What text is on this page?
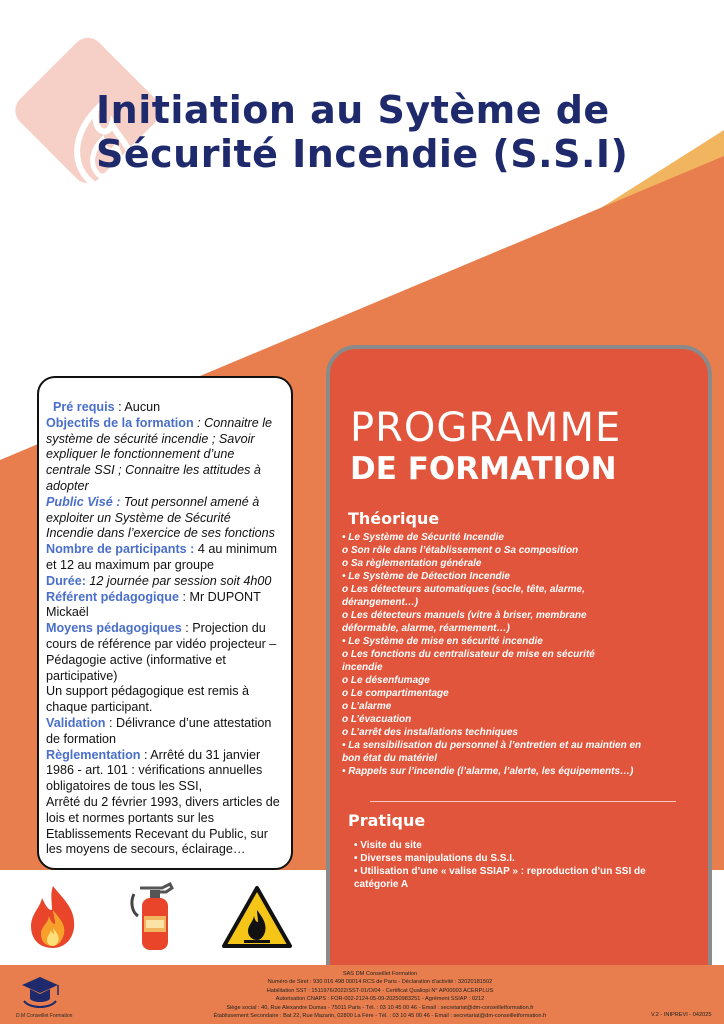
Initiation au Sytème de
Sécurité Incendie (S.S.I)

Pré requis : Aucun

Objectifs de la formation : Connaitre le système de sécurité incendie ; Savoir expliquer le fonctionnement d’une centrale SSI ; Connaitre les attitudes à adopter

Public Visé : Tout personnel amené à exploiter un Système de Sécurité Incendie dans l’exercice de ses fonctions

Nombre de participants : 4 au minimum et 12 au maximum par groupe

Durée: 12 journée par session soit 4h00

Référent pédagogique : Mr DUPONT Mickaël

Moyens pédagogiques : Projection du cours de référence par vidéo projecteur – Pédagogie active (informative et participative)

Un support pédagogique est remis à chaque participant.

Validation : Délivrance d’une attestation de formation

Règlementation : Arrêté du 31 janvier 1986 - art. 101 : vérifications annuelles obligatoires de tous les SSI,

Arrêté du 2 février 1993, divers articles de lois et normes portants sur les Etablissements Recevant du Public, sur les moyens de secours, éclairage…

PROGRAMME
DE FORMATION
Théorique
• Le Système de Sécurité Incendie
o Son rôle dans l’établissement o Sa composition
o Sa règlementation générale
• Le Système de Détection Incendie
o Les détecteurs automatiques (socle, tête, alarme,
dérangement…)
o Les détecteurs manuels (vitre à briser, membrane
déformable, alarme, réarmement…)
• Le Système de mise en sécurité incendie
o Les fonctions du centralisateur de mise en sécurité
incendie
o Le désenfumage
o Le compartimentage
o L’alarme
o L’évacuation
o L’arrêt des installations techniques
• La sensibilisation du personnel à l’entretien et au maintien en
bon état du matériel
• Rappels sur l’incendie (l’alarme, l’alerte, les équipements…)
Pratique
• Visite du site
• Diverses manipulations du S.S.I.
• Utilisation d’une « valise SSIAP » : reproduction d’un SSI de
catégorie A
D.M Conseillet Formation
SAS DM Conseillet Formation
Numéro de Siret : 930 016 498 00014 RCS de Paris - Déclaration d’activité : 32020181502
Habilitation SST : 1511976/2022/SST-01/O/04 - Certificat Qualiopi N° AP00003 ACERPLUS
Autorisation CNAPS : FOR-002-2124-05-09-20250983251 - Agrément SSIAP : 0212
Siège social : 40, Rue Alexandre Dumas - 75011 Paris - Tél. : 03 10 45 00 46 - Email : secretariat@dm-conseilletformation.fr
Établissement Secondaire : Bat 22, Rue Mazarin, 02800 La Fère - Tél. : 03 10 45 00 46 - Email : secretariat@dm-conseilletformation.fr	V.2 - INIPREVI - 042025
